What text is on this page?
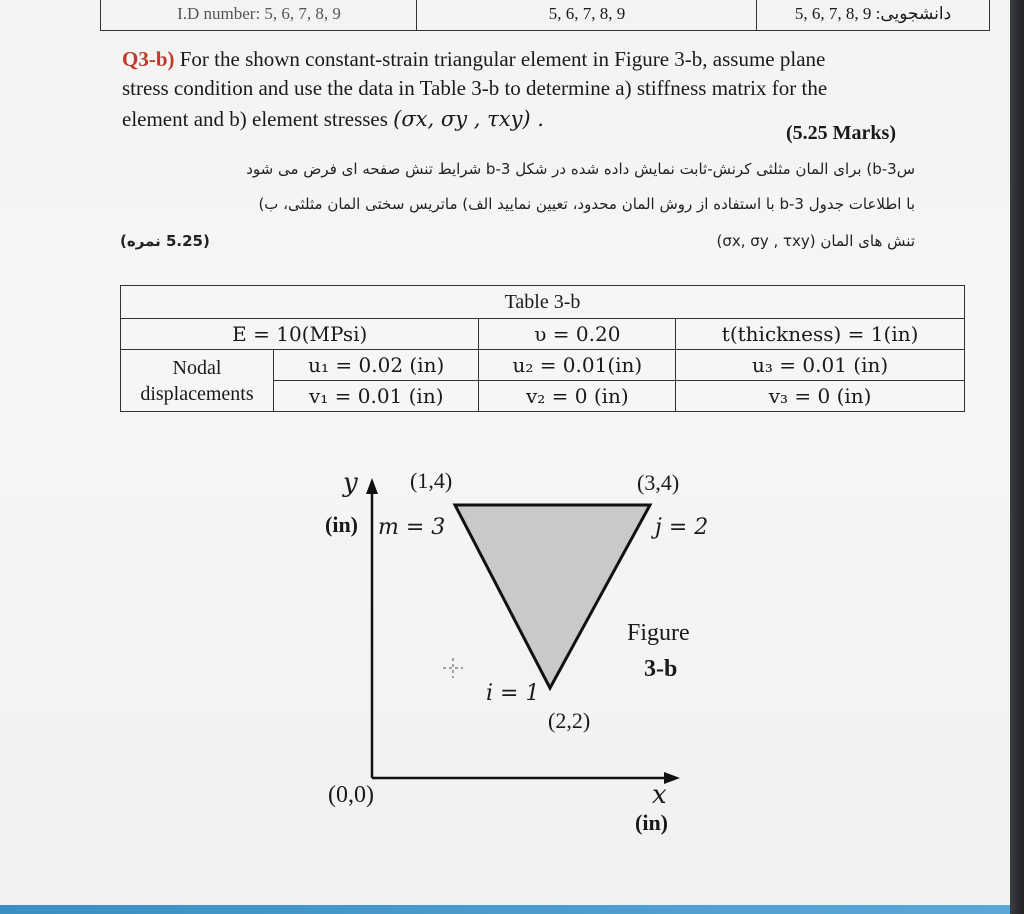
I.D number: 5, 6, 7, 8, 9	5, 6, 7, 8, 9	5, 6, 7, 8, 9 :دانشجویی
Q3-b) For the shown constant-strain triangular element in Figure 3-b, assume plane
stress condition and use the data in Table 3-b to determine a) stiffness matrix for the
element and b) element stresses (σx, σy , τxy) .
(5.25 Marks)
س3-b) برای المان مثلثی کرنش-ثابت نمایش داده شده در شکل 3-b شرایط تنش صفحه ای فرض می شود
با اطلاعات جدول 3-b با استفاده از روش المان محدود، تعیین نمایید الف) ماتریس سختی المان مثلثی، ب)
تنش های المان (σx, σy , τxy)
(5.25 نمره)
Table 3-b			
E = 10(MPsi)		υ = 0.20	t(thickness) = 1(in)
Nodal displacements	u₁ = 0.02 (in)	u₂ = 0.01(in)	u₃ = 0.01 (in)
	v₁ = 0.01 (in)	v₂ = 0 (in)	v₃ = 0 (in)
y
(in)
(1,4)
m = 3
(3,4)
j = 2
i = 1
(2,2)
Figure
3-b
(0,0)	x
(in)
